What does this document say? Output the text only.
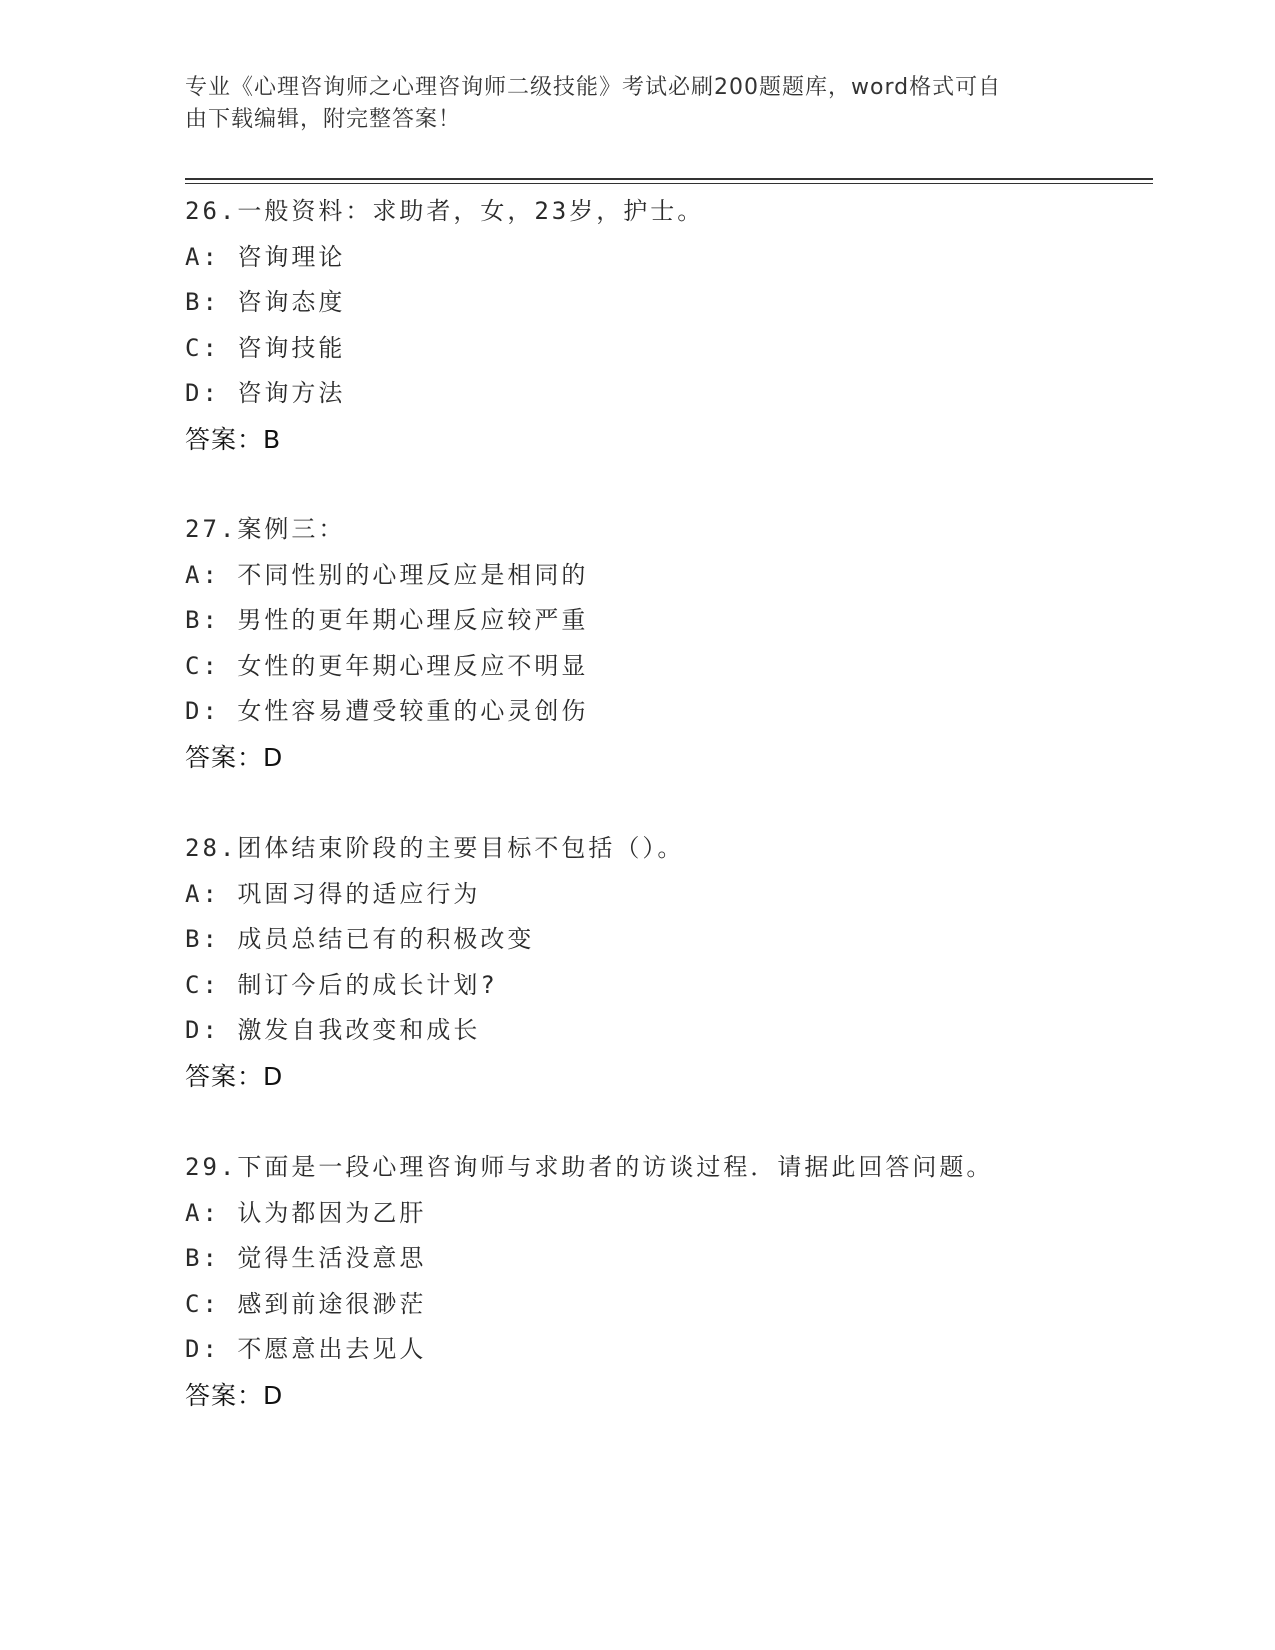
专业《心理咨询师之心理咨询师二级技能》考试必刷200题题库，word格式可自

由下载编辑，附完整答案！

26.一般资料：求助者，女，23岁，护士。
A: 咨询理论
B: 咨询态度
C: 咨询技能
D: 咨询方法
答案：B
27.案例三：
A: 不同性别的心理反应是相同的
B: 男性的更年期心理反应较严重
C: 女性的更年期心理反应不明显
D: 女性容易遭受较重的心灵创伤
答案：D
28.团体结束阶段的主要目标不包括（）。
A: 巩固习得的适应行为
B: 成员总结已有的积极改变
C: 制订今后的成长计划?
D: 激发自我改变和成长
答案：D
29.下面是一段心理咨询师与求助者的访谈过程．请据此回答问题。
A: 认为都因为乙肝
B: 觉得生活没意思
C: 感到前途很渺茫
D: 不愿意出去见人
答案：D
